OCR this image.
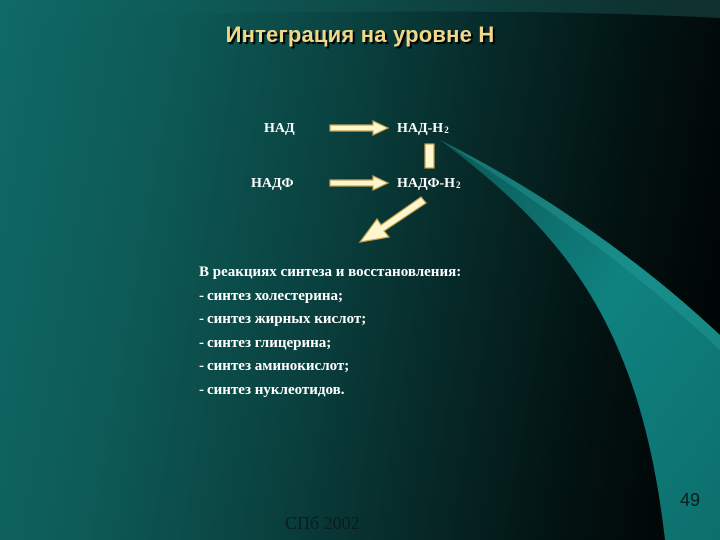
Интеграция на уровне Н
НАД	НАД-$Н_2$
НАДФ	НАДФ-$Н_2$
В реакциях синтеза и восстановления:
- синтез холестерина;
- синтез жирных кислот;
- синтез глицерина;
- синтез аминокислот;
- синтез нуклеотидов.
СПб 2002
49
